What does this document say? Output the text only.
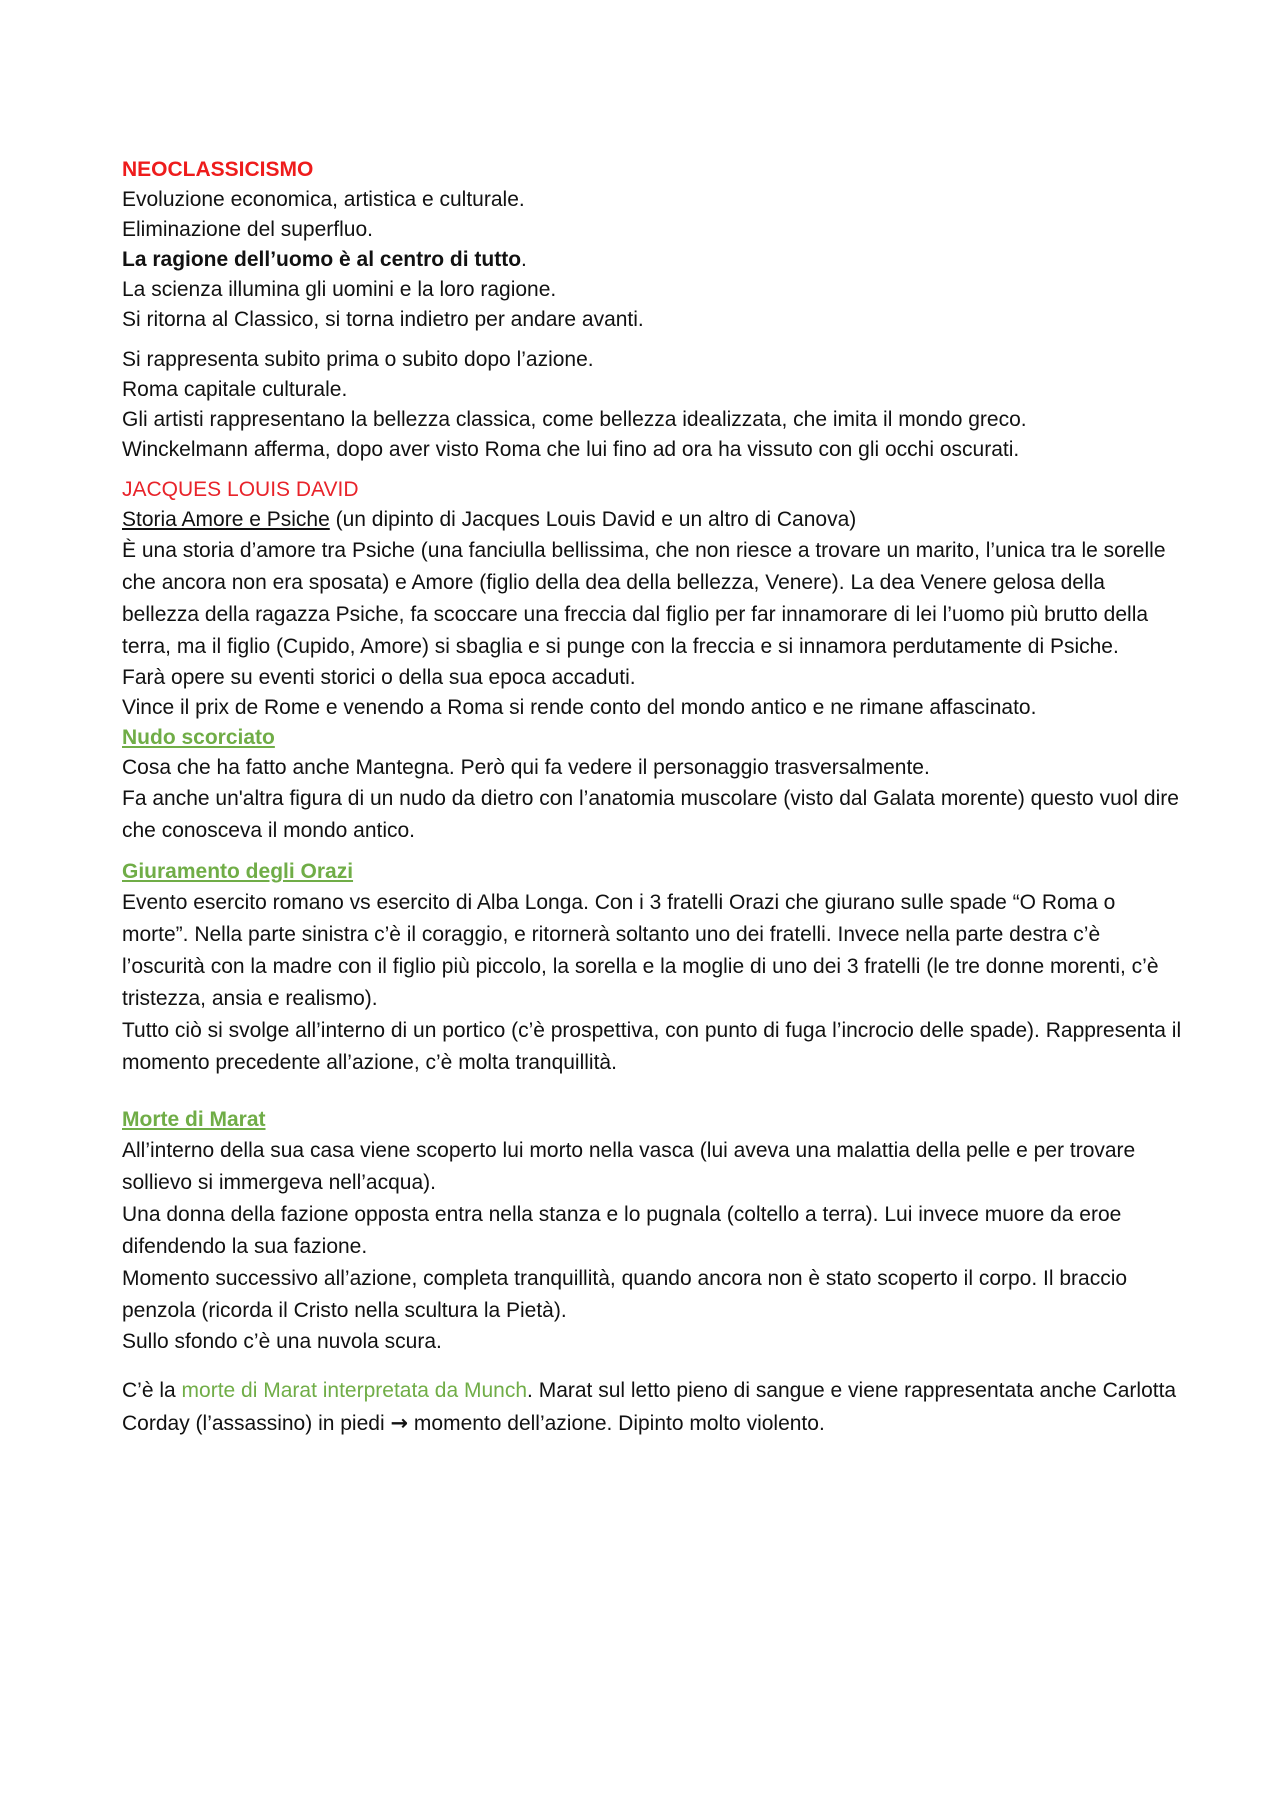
NEOCLASSICISMO
Evoluzione economica, artistica e culturale.
Eliminazione del superfluo.
La ragione dell’uomo è al centro di tutto.
La scienza illumina gli uomini e la loro ragione.
Si ritorna al Classico, si torna indietro per andare avanti.
Si rappresenta subito prima o subito dopo l’azione.
Roma capitale culturale.
Gli artisti rappresentano la bellezza classica, come bellezza idealizzata, che imita il mondo greco.
Winckelmann afferma, dopo aver visto Roma che lui fino ad ora ha vissuto con gli occhi oscurati.
JACQUES LOUIS DAVID
Storia Amore e Psiche (un dipinto di Jacques Louis David e un altro di Canova)
È una storia d’amore tra Psiche (una fanciulla bellissima, che non riesce a trovare un marito, l’unica tra le sorelle che ancora non era sposata) e Amore (figlio della dea della bellezza, Venere). La dea Venere gelosa della bellezza della ragazza Psiche, fa scoccare una freccia dal figlio per far innamorare di lei l’uomo più brutto della terra, ma il figlio (Cupido, Amore) si sbaglia e si punge con la freccia e si innamora perdutamente di Psiche.
Farà opere su eventi storici o della sua epoca accaduti.
Vince il prix de Rome e venendo a Roma si rende conto del mondo antico e ne rimane affascinato.
Nudo scorciato
Cosa che ha fatto anche Mantegna. Però qui fa vedere il personaggio trasversalmente.
Fa anche un'altra figura di un nudo da dietro con l’anatomia muscolare (visto dal Galata morente) questo vuol dire che conosceva il mondo antico.
Giuramento degli Orazi
Evento esercito romano vs esercito di Alba Longa. Con i 3 fratelli Orazi che giurano sulle spade “O Roma o morte”. Nella parte sinistra c’è il coraggio, e ritornerà soltanto uno dei fratelli. Invece nella parte destra c’è l’oscurità con la madre con il figlio più piccolo, la sorella e la moglie di uno dei 3 fratelli (le tre donne morenti, c’è tristezza, ansia e realismo).
Tutto ciò si svolge all’interno di un portico (c’è prospettiva, con punto di fuga l’incrocio delle spade). Rappresenta il momento precedente all’azione, c’è molta tranquillità.
Morte di Marat
All’interno della sua casa viene scoperto lui morto nella vasca (lui aveva una malattia della pelle e per trovare sollievo si immergeva nell’acqua).
Una donna della fazione opposta entra nella stanza e lo pugnala (coltello a terra). Lui invece muore da eroe difendendo la sua fazione.
Momento successivo all’azione, completa tranquillità, quando ancora non è stato scoperto il corpo. Il braccio penzola (ricorda il Cristo nella scultura la Pietà).
Sullo sfondo c’è una nuvola scura.
C’è la morte di Marat interpretata da Munch. Marat sul letto pieno di sangue e viene rappresentata anche Carlotta Corday (l’assassino) in piedi → momento dell’azione. Dipinto molto violento.
